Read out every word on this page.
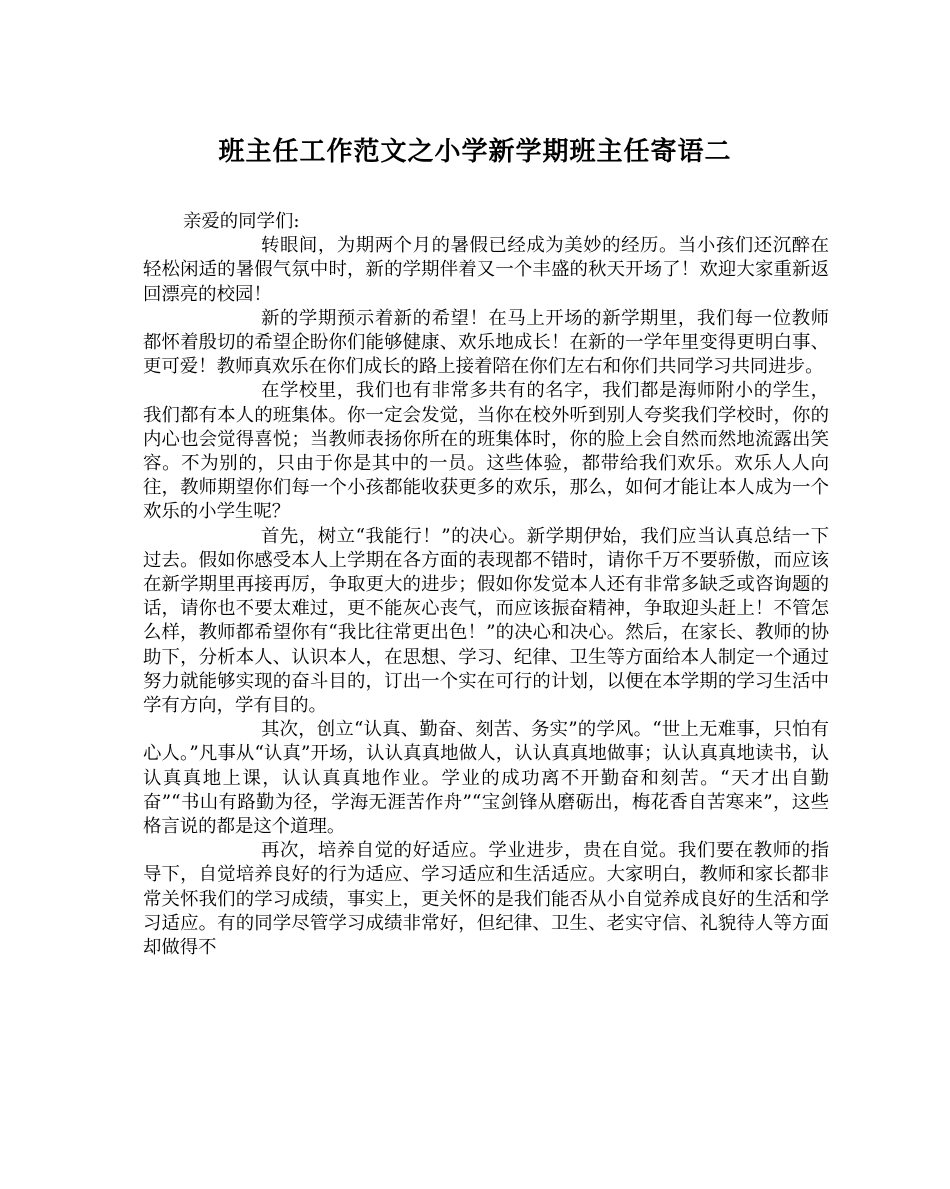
班主任工作范文之小学新学期班主任寄语二

亲爱的同学们:

转眼间，为期两个月的暑假已经成为美妙的经历。当小孩们还沉醉在轻松闲适的暑假气氛中时，新的学期伴着又一个丰盛的秋天开场了！欢迎大家重新返回漂亮的校园！

新的学期预示着新的希望！在马上开场的新学期里，我们每一位教师都怀着殷切的希望企盼你们能够健康、欢乐地成长！在新的一学年里变得更明白事、更可爱！教师真欢乐在你们成长的路上接着陪在你们左右和你们共同学习共同进步。

在学校里，我们也有非常多共有的名字，我们都是海师附小的学生，我们都有本人的班集体。你一定会发觉，当你在校外听到别人夸奖我们学校时，你的内心也会觉得喜悦；当教师表扬你所在的班集体时，你的脸上会自然而然地流露出笑容。不为别的，只由于你是其中的一员。这些体验，都带给我们欢乐。欢乐人人向往，教师期望你们每一个小孩都能收获更多的欢乐，那么，如何才能让本人成为一个欢乐的小学生呢？

首先，树立“我能行！”的决心。新学期伊始，我们应当认真总结一下过去。假如你感受本人上学期在各方面的表现都不错时，请你千万不要骄傲，而应该在新学期里再接再厉，争取更大的进步；假如你发觉本人还有非常多缺乏或咨询题的话，请你也不要太难过，更不能灰心丧气，而应该振奋精神，争取迎头赶上！不管怎么样，教师都希望你有“我比往常更出色！”的决心和决心。然后，在家长、教师的协助下，分析本人、认识本人，在思想、学习、纪律、卫生等方面给本人制定一个通过努力就能够实现的奋斗目的，订出一个实在可行的计划，以便在本学期的学习生活中学有方向，学有目的。

其次，创立“认真、勤奋、刻苦、务实”的学风。“世上无难事，只怕有心人。”凡事从“认真”开场，认认真真地做人，认认真真地做事；认认真真地读书，认认真真地上课，认认真真地作业。学业的成功离不开勤奋和刻苦。“天才出自勤奋”“书山有路勤为径，学海无涯苦作舟”“宝剑锋从磨砺出，梅花香自苦寒来”，这些格言说的都是这个道理。

再次，培养自觉的好适应。学业进步，贵在自觉。我们要在教师的指导下，自觉培养良好的行为适应、学习适应和生活适应。大家明白，教师和家长都非常关怀我们的学习成绩，事实上，更关怀的是我们能否从小自觉养成良好的生活和学习适应。有的同学尽管学习成绩非常好，但纪律、卫生、老实守信、礼貌待人等方面却做得不
